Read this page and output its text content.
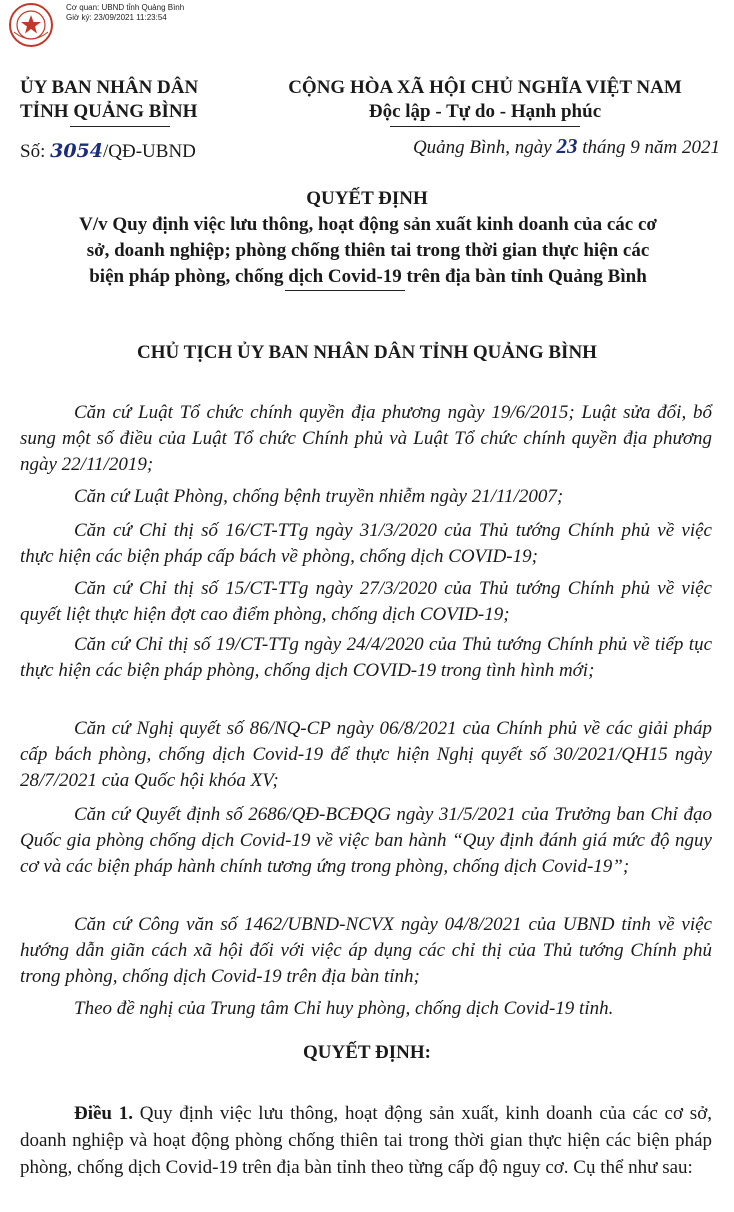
Cơ quan: UBND tỉnh Quảng Bình
Giờ ký: 23/09/2021 11:23:54
ỦY BAN NHÂN DÂN
TỈNH QUẢNG BÌNH
CỘNG HÒA XÃ HỘI CHỦ NGHĨA VIỆT NAM
Độc lập - Tự do - Hạnh phúc
Số: 3054/QĐ-UBND	Quảng Bình, ngày 23 tháng 9 năm 2021
QUYẾT ĐỊNH
V/v Quy định việc lưu thông, hoạt động sản xuất kinh doanh của các cơ
sở, doanh nghiệp; phòng chống thiên tai trong thời gian thực hiện các
biện pháp phòng, chống dịch Covid-19 trên địa bàn tỉnh Quảng Bình
CHỦ TỊCH ỦY BAN NHÂN DÂN TỈNH QUẢNG BÌNH
Căn cứ Luật Tổ chức chính quyền địa phương ngày 19/6/2015; Luật sửa đổi, bổ sung một số điều của Luật Tổ chức Chính phủ và Luật Tổ chức chính quyền địa phương ngày 22/11/2019;
Căn cứ Luật Phòng, chống bệnh truyền nhiễm ngày 21/11/2007;
Căn cứ Chỉ thị số 16/CT-TTg ngày 31/3/2020 của Thủ tướng Chính phủ về việc thực hiện các biện pháp cấp bách về phòng, chống dịch COVID-19;
Căn cứ Chỉ thị số 15/CT-TTg ngày 27/3/2020 của Thủ tướng Chính phủ về việc quyết liệt thực hiện đợt cao điểm phòng, chống dịch COVID-19;
Căn cứ Chỉ thị số 19/CT-TTg ngày 24/4/2020 của Thủ tướng Chính phủ về tiếp tục thực hiện các biện pháp phòng, chống dịch COVID-19 trong tình hình mới;
Căn cứ Nghị quyết số 86/NQ-CP ngày 06/8/2021 của Chính phủ về các giải pháp cấp bách phòng, chống dịch Covid-19 để thực hiện Nghị quyết số 30/2021/QH15 ngày 28/7/2021 của Quốc hội khóa XV;
Căn cứ Quyết định số 2686/QĐ-BCĐQG ngày 31/5/2021 của Trưởng ban Chỉ đạo Quốc gia phòng chống dịch Covid-19 về việc ban hành “Quy định đánh giá mức độ nguy cơ và các biện pháp hành chính tương ứng trong phòng, chống dịch Covid-19”;
Căn cứ Công văn số 1462/UBND-NCVX ngày 04/8/2021 của UBND tỉnh về việc hướng dẫn giãn cách xã hội đối với việc áp dụng các chỉ thị của Thủ tướng Chính phủ trong phòng, chống dịch Covid-19 trên địa bàn tỉnh;
Theo đề nghị của Trung tâm Chỉ huy phòng, chống dịch Covid-19 tỉnh.
QUYẾT ĐỊNH:
Điều 1. Quy định việc lưu thông, hoạt động sản xuất, kinh doanh của các cơ sở, doanh nghiệp và hoạt động phòng chống thiên tai trong thời gian thực hiện các biện pháp phòng, chống dịch Covid-19 trên địa bàn tỉnh theo từng cấp độ nguy cơ. Cụ thể như sau:
